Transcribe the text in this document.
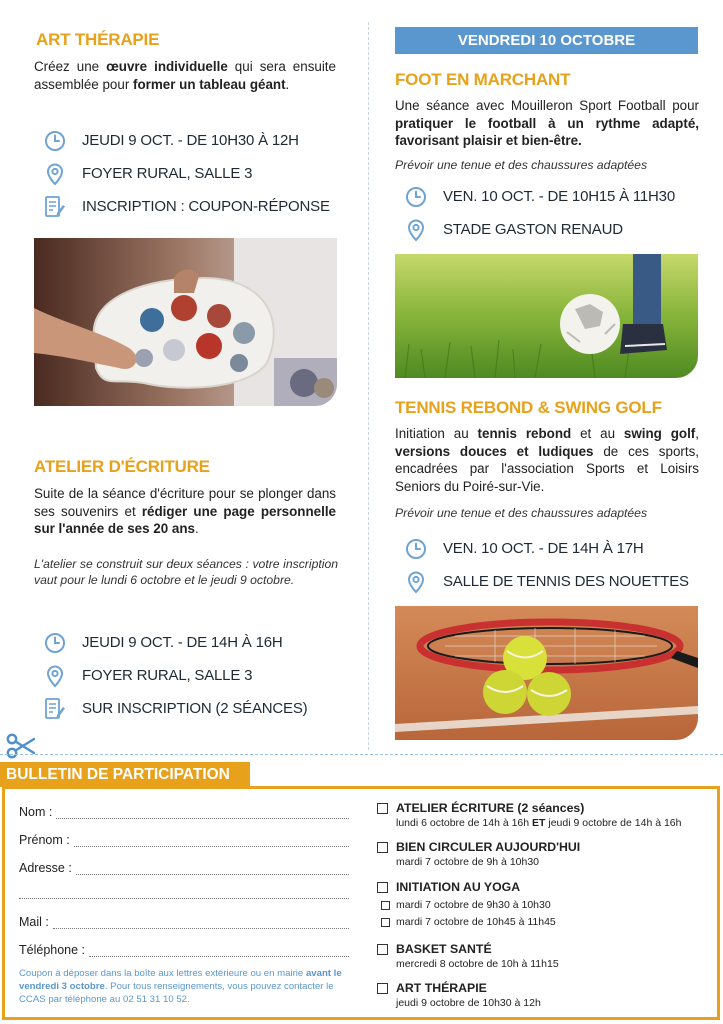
ART THÉRAPIE

Créez une œuvre individuelle qui sera ensuite assemblée pour former un tableau géant.

JEUDI 9 OCT. - DE 10H30 À 12H
FOYER RURAL, SALLE 3
INSCRIPTION : COUPON-RÉPONSE
ATELIER D'ÉCRITURE

Suite de la séance d'écriture pour se plonger dans ses souvenirs et rédiger une page personnelle sur l'année de ses 20 ans.

L'atelier se construit sur deux séances : votre inscription vaut pour le lundi 6 octobre et le jeudi 9 octobre.

JEUDI 9 OCT. - DE 14H À 16H
FOYER RURAL, SALLE 3
SUR INSCRIPTION (2 SÉANCES)
VENDREDI 10 OCTOBRE
FOOT EN MARCHANT

Une séance avec Mouilleron Sport Football pour pratiquer le football à un rythme adapté, favorisant plaisir et bien-être.

Prévoir une tenue et des chaussures adaptées

VEN. 10 OCT. - DE 10H15 À 11H30
STADE GASTON RENAUD
TENNIS REBOND & SWING GOLF

Initiation au tennis rebond et au swing golf, versions douces et ludiques de ces sports, encadrées par l'association Sports et Loisirs Seniors du Poiré-sur-Vie.

Prévoir une tenue et des chaussures adaptées

VEN. 10 OCT. - DE 14H À 17H
SALLE DE TENNIS DES NOUETTES
BULLETIN DE PARTICIPATION
Nom :
Prénom :
Adresse :
Mail :
Téléphone :

Coupon à déposer dans la boîte aux lettres extérieure ou en mairie avant le vendredi 3 octobre. Pour tous renseignements, vous pouvez contacter le CCAS par téléphone au 02 51 31 10 52.

ATELIER ÉCRITURE (2 séances)
lundi 6 octobre de 14h à 16h ET jeudi 9 octobre de 14h à 16h
BIEN CIRCULER AUJOURD'HUI
mardi 7 octobre de 9h à 10h30
INITIATION AU YOGA
mardi 7 octobre de 9h30 à 10h30
mardi 7 octobre de 10h45 à 11h45
BASKET SANTÉ
mercredi 8 octobre de 10h à 11h15
ART THÉRAPIE
jeudi 9 octobre de 10h30 à 12h
